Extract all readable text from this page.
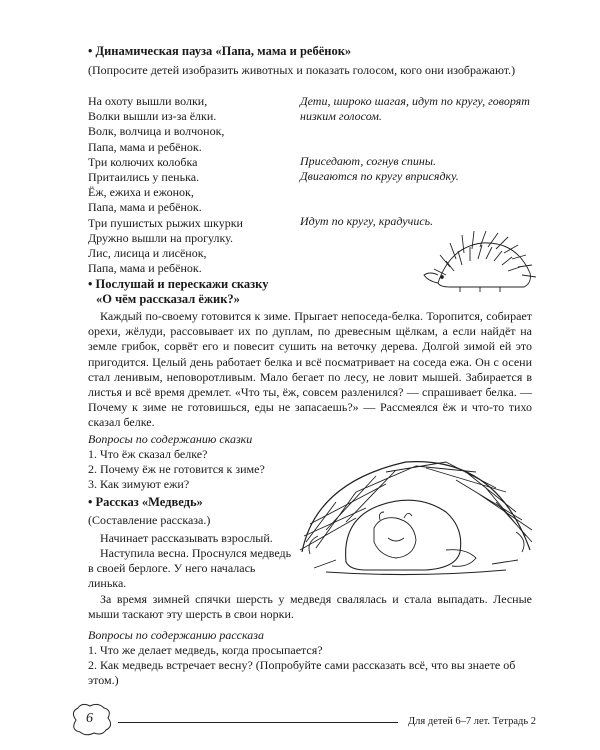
• Динамическая пауза «Папа, мама и ребёнок»
(Попросите детей изобразить животных и показать голосом, кого они изображают.)
На охоту вышли волки,
Волки вышли из-за ёлки.
Волк, волчица и волчонок,
Папа, мама и ребёнок.
Три колючих колобка
Притаились у пенька.
Ёж, ежиха и ежонок,
Папа, мама и ребёнок.
Три пушистых рыжих шкурки
Дружно вышли на прогулку.
Лис, лисица и лисёнок,
Папа, мама и ребёнок.
Дети, широко шагая, идут по кругу, говорят
низким голосом.
Приседают, согнув спины.
Двигаются по кругу вприсядку.
Идут по кругу, крадучись.
• Послушай и перескажи сказку
«О чём рассказал ёжик?»
Каждый по-своему готовится к зиме. Прыгает непоседа-белка. Торопится, собирает орехи, жёлуди, рассовывает их по дуплам, по древесным щёлкам, а если найдёт на земле грибок, сорвёт его и повесит сушить на веточку дерева. Долгой зимой ей это пригодится. Целый день работает белка и всё посматривает на соседа ежа. Он с осени стал ленивым, неповоротливым. Мало бегает по лесу, не ловит мышей. Забирается в листья и всё время дремлет. «Что ты, ёж, совсем разленился? — спрашивает белка. — Почему к зиме не готовишься, еды не запасаешь?» — Рассмеялся ёж и что-то тихо сказал белке.
Вопросы по содержанию сказки
1. Что ёж сказал белке?
2. Почему ёж не готовится к зиме?
3. Как зимуют ежи?
• Рассказ «Медведь»
(Составление рассказа.)
Начинает рассказывать взрослый.
Наступила весна. Проснулся медведь в своей берлоге. У него началась линька.
За время зимней спячки шерсть у медведя свалялась и стала выпадать. Лесные мыши таскают эту шерсть в свои норки.
Вопросы по содержанию рассказа
1. Что же делает медведь, когда просыпается?
2. Как медведь встречает весну? (Попробуйте сами рассказать всё, что вы знаете об этом.)
6	Для детей 6–7 лет. Тетрадь 2
